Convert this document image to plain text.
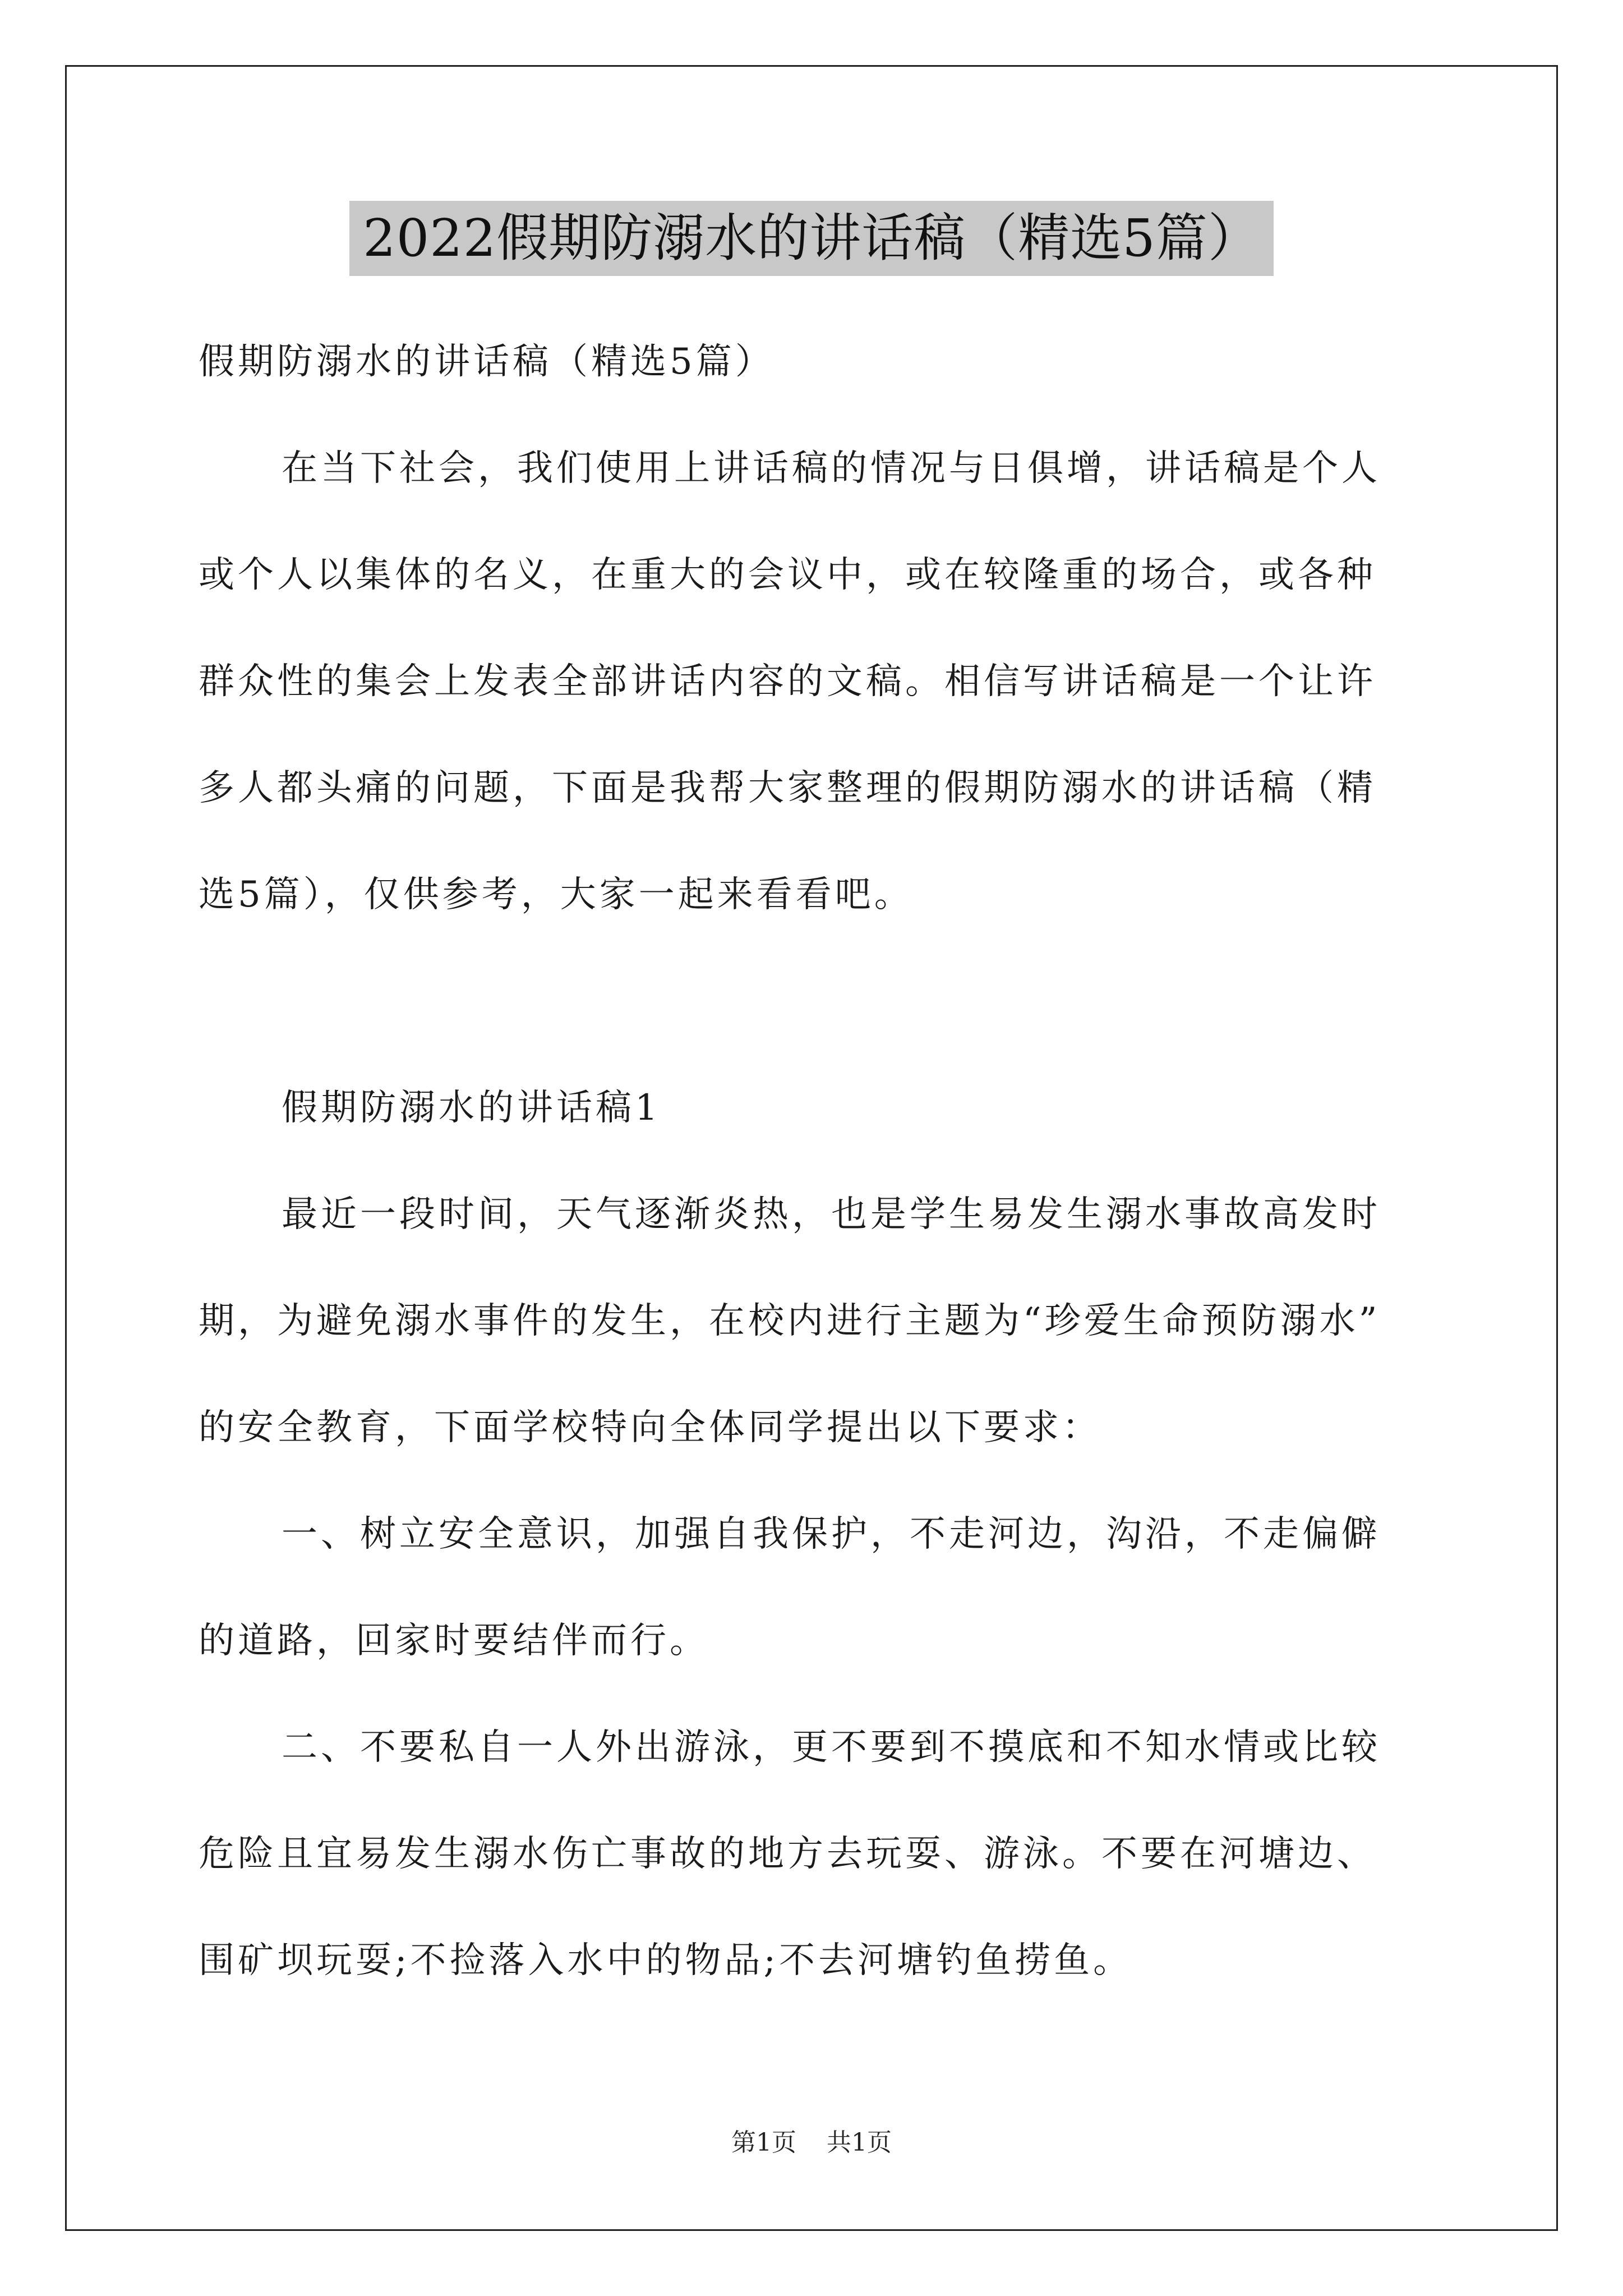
2022假期防溺水的讲话稿（精选5篇）
假期防溺水的讲话稿（精选5篇）
在当下社会，我们使用上讲话稿的情况与日俱增，讲话稿是个人
或个人以集体的名义，在重大的会议中，或在较隆重的场合，或各种
群众性的集会上发表全部讲话内容的文稿。相信写讲话稿是一个让许
多人都头痛的问题，下面是我帮大家整理的假期防溺水的讲话稿（精
选5篇），仅供参考，大家一起来看看吧。
假期防溺水的讲话稿1
最近一段时间，天气逐渐炎热，也是学生易发生溺水事故高发时
期，为避免溺水事件的发生，在校内进行主题为“珍爱生命预防溺水”
的安全教育，下面学校特向全体同学提出以下要求：
一、树立安全意识，加强自我保护，不走河边，沟沿，不走偏僻
的道路，回家时要结伴而行。
二、不要私自一人外出游泳，更不要到不摸底和不知水情或比较
危险且宜易发生溺水伤亡事故的地方去玩耍、游泳。不要在河塘边、
围矿坝玩耍;不捡落入水中的物品;不去河塘钓鱼捞鱼。
第1页 共1页
